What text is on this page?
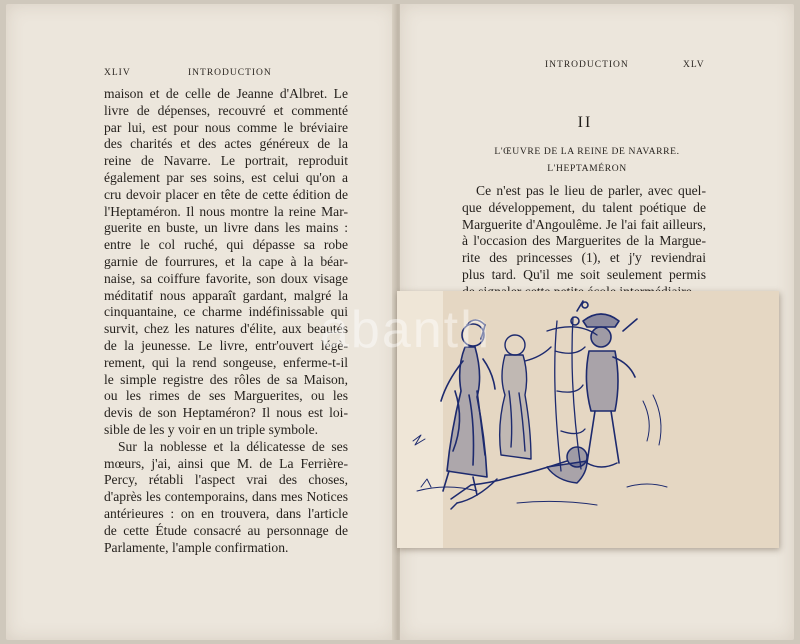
XLIV	INTRODUCTION
maison et de celle de Jeanne d'Albret. Le
livre de dépenses, recouvré et commenté
par lui, est pour nous comme le bréviaire
des charités et des actes généreux de la
reine de Navarre. Le portrait, reproduit
également par ses soins, est celui qu'on a
cru devoir placer en tête de cette édition de
l'Heptaméron. Il nous montre la reine Mar-
guerite en buste, un livre dans les mains :
entre le col ruché, qui dépasse sa robe
garnie de fourrures, et la cape à la béar-
naise, sa coiffure favorite, son doux visage
méditatif nous apparaît gardant, malgré la
cinquantaine, ce charme indéfinissable qui
survit, chez les natures d'élite, aux beautés
de la jeunesse. Le livre, entr'ouvert légè-
rement, qui la rend songeuse, enferme-t-il
le simple registre des rôles de sa Maison,
ou les rimes de ses Marguerites, ou les
devis de son Heptaméron? Il nous est loi-
sible de les y voir en un triple symbole.
Sur la noblesse et la délicatesse de ses
mœurs, j'ai, ainsi que M. de La Ferrière-
Percy, rétabli l'aspect vrai des choses,
d'après les contemporains, dans mes Notices
antérieures : on en trouvera, dans l'article
de cette Étude consacré au personnage de
Parlamente, l'ample confirmation.
INTRODUCTION	XLV
II
L'ŒUVRE DE LA REINE DE NAVARRE.
L'HEPTAMÉRON
Ce n'est pas le lieu de parler, avec quel-
que développement, du talent poétique de
Marguerite d'Angoulême. Je l'ai fait ailleurs,
à l'occasion des Marguerites de la Margue-
rite des princesses (1), et j'y reviendrai
plus tard. Qu'il me soit seulement permis
abanth
